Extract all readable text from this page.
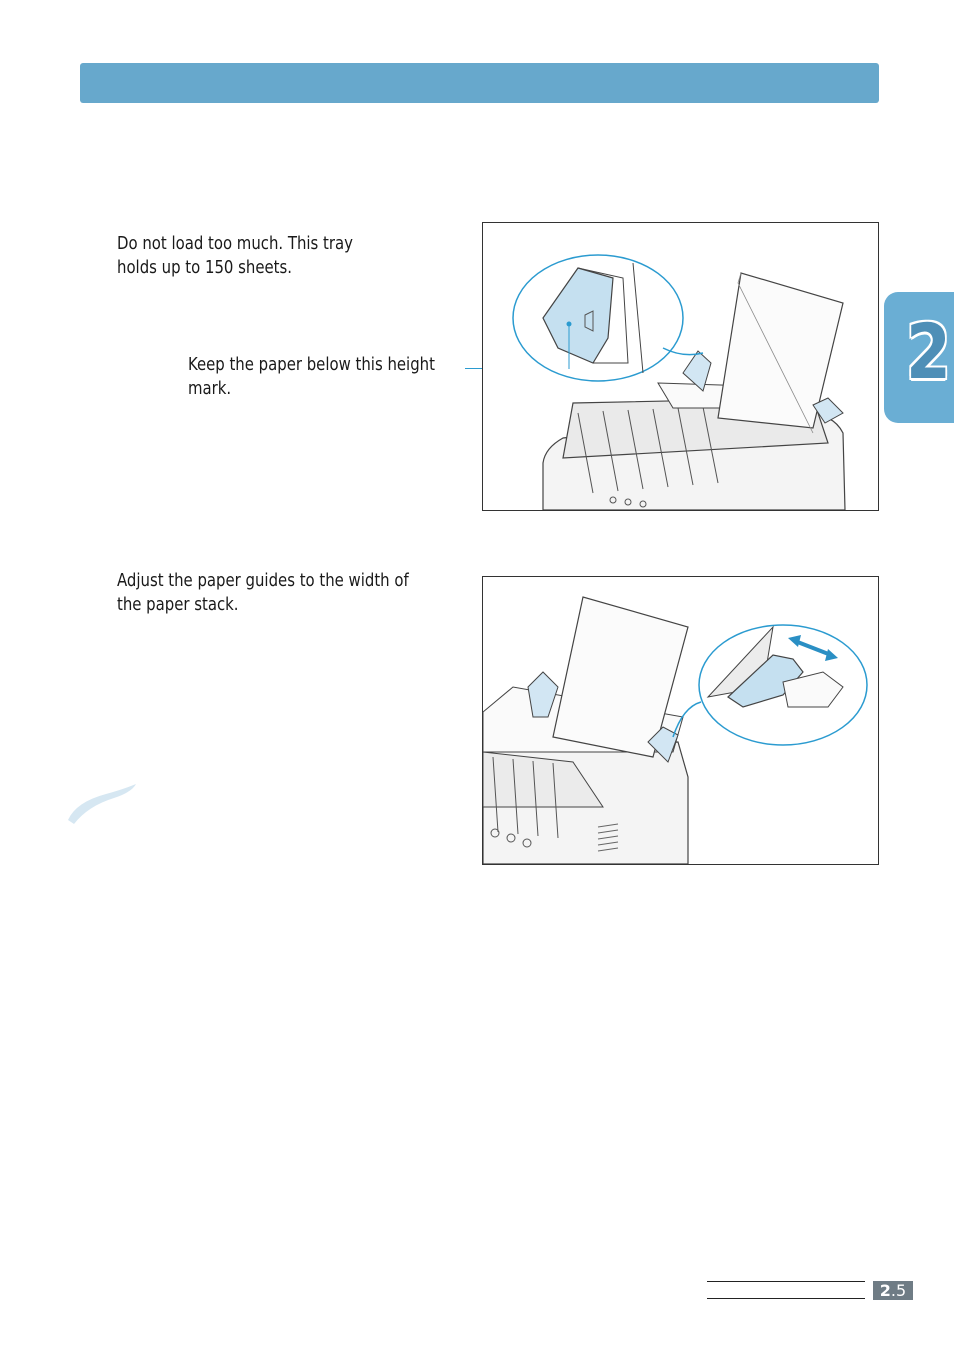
2

Do not load too much. This tray
holds up to 150 sheets.

Keep the paper below this height
mark.

Adjust the paper guides to the width of
the paper stack.

2.5
